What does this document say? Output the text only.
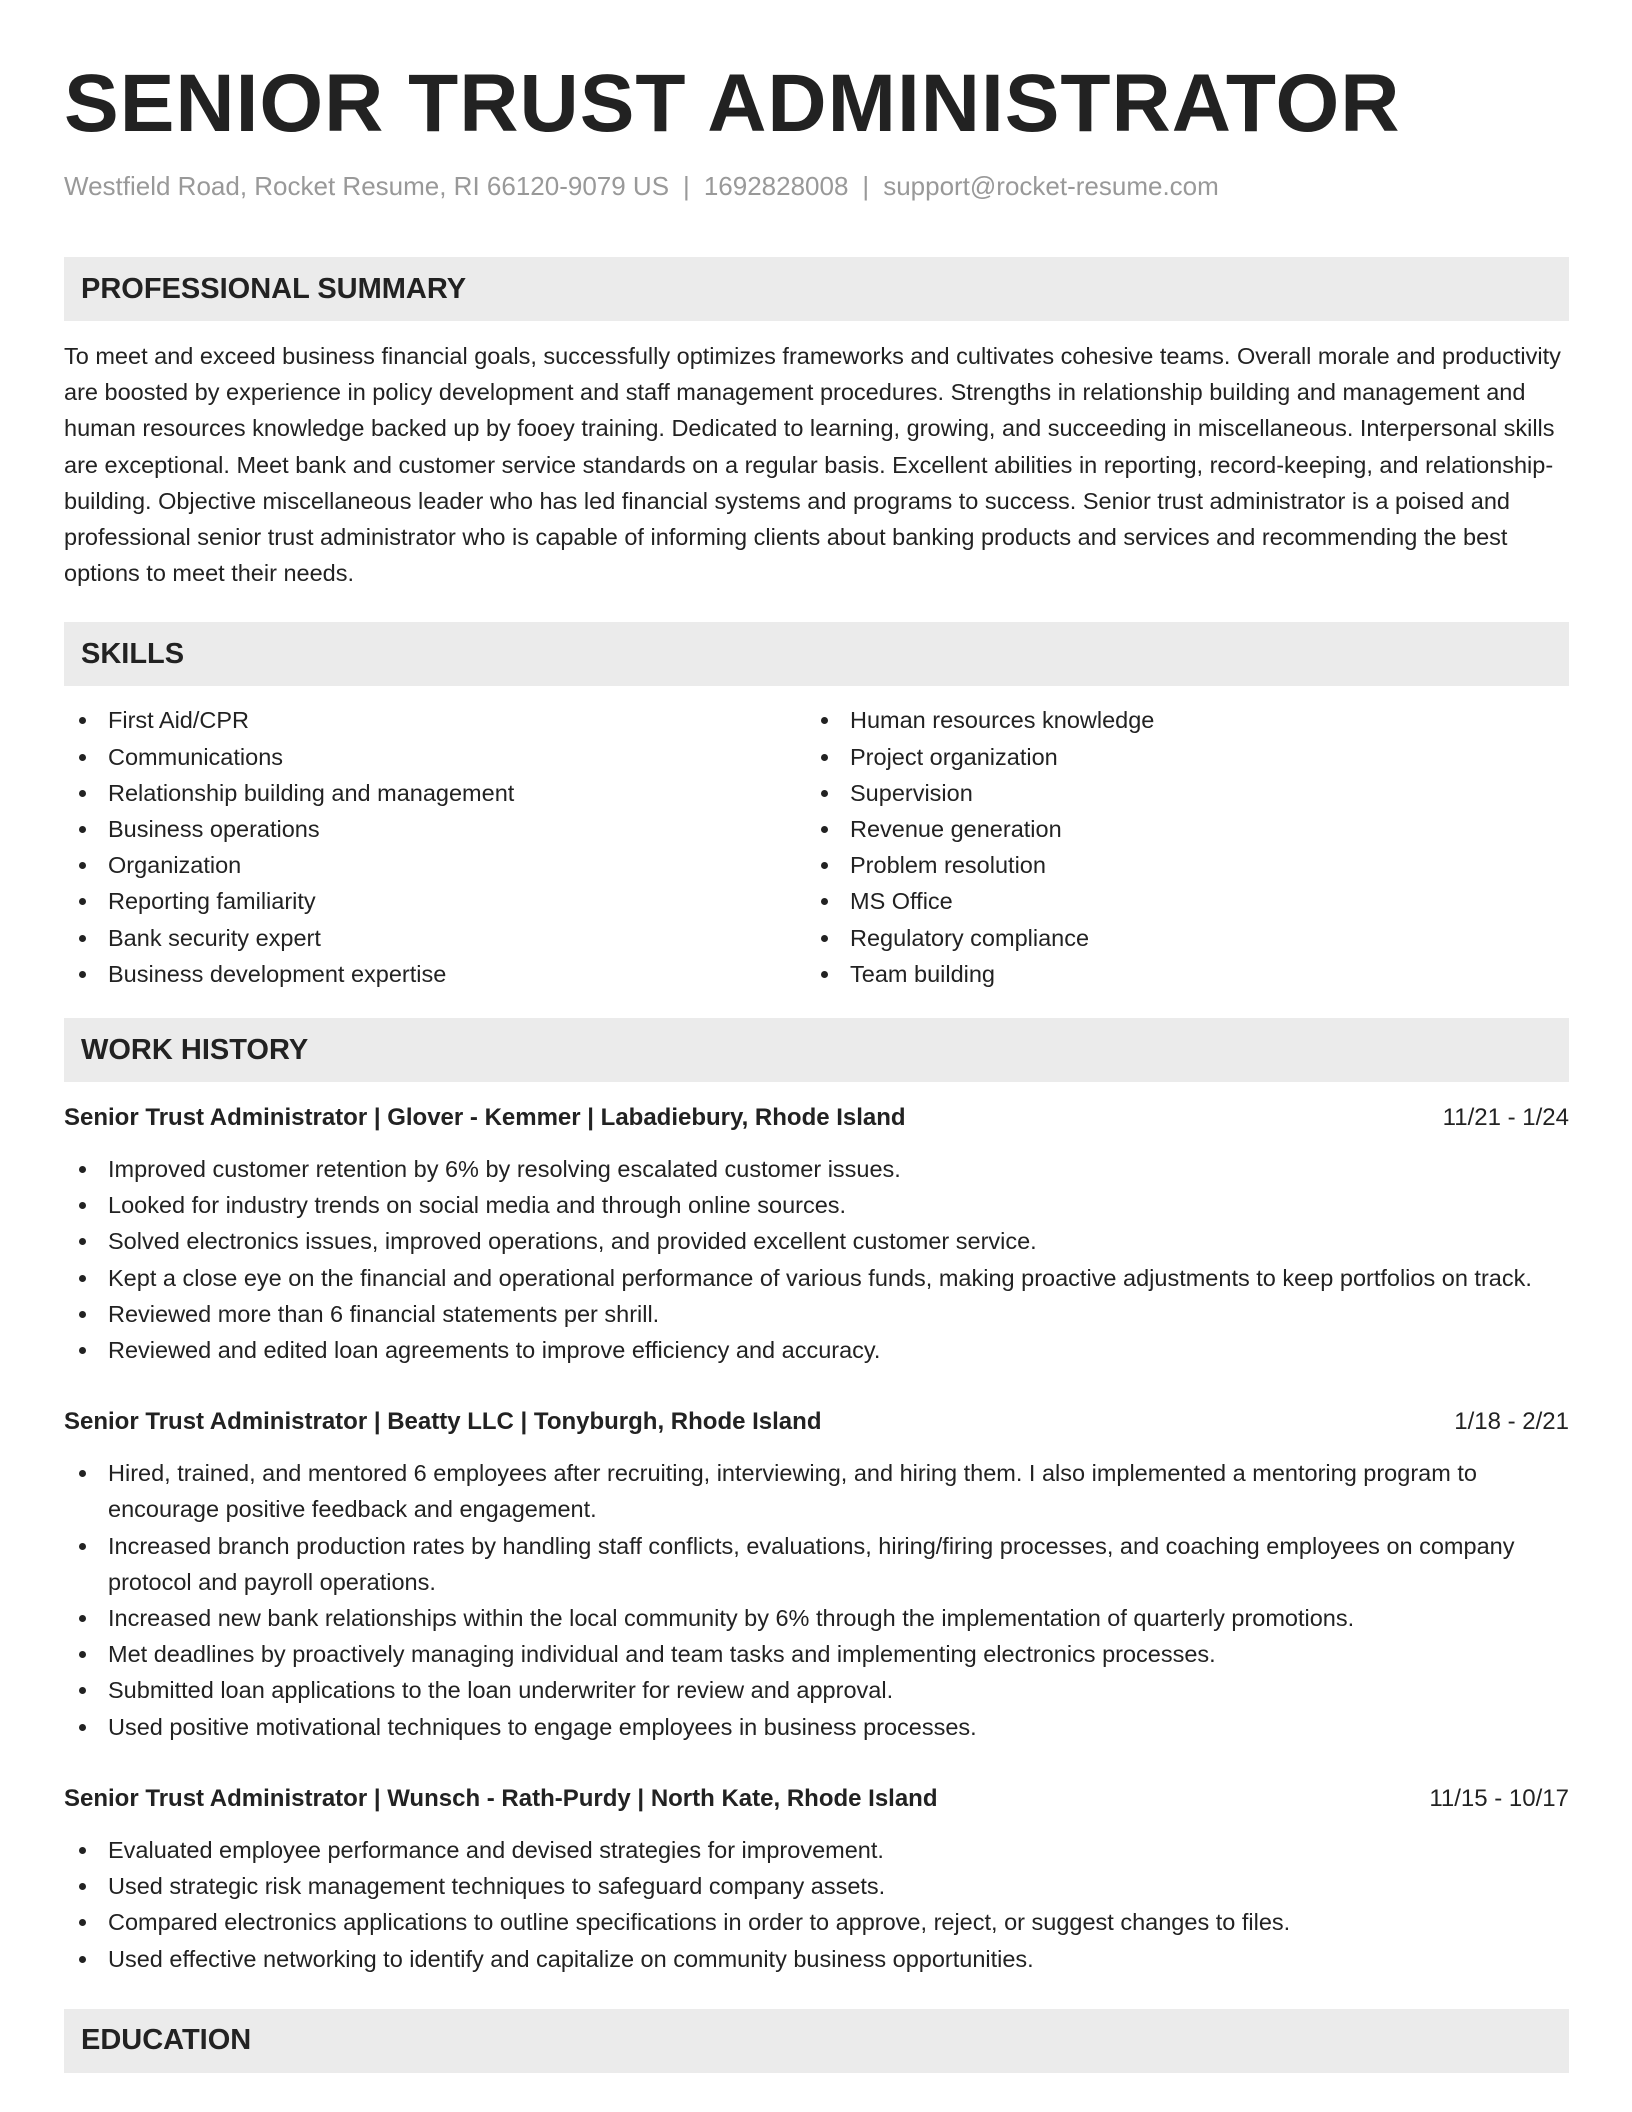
SENIOR TRUST ADMINISTRATOR
Westfield Road, Rocket Resume, RI 66120-9079 US | 1692828008 | support@rocket-resume.com
PROFESSIONAL SUMMARY
To meet and exceed business financial goals, successfully optimizes frameworks and cultivates cohesive teams. Overall morale and productivity are boosted by experience in policy development and staff management procedures. Strengths in relationship building and management and human resources knowledge backed up by fooey training. Dedicated to learning, growing, and succeeding in miscellaneous. Interpersonal skills are exceptional. Meet bank and customer service standards on a regular basis. Excellent abilities in reporting, record-keeping, and relationship-building. Objective miscellaneous leader who has led financial systems and programs to success. Senior trust administrator is a poised and professional senior trust administrator who is capable of informing clients about banking products and services and recommending the best options to meet their needs.
SKILLS
First Aid/CPR
Communications
Relationship building and management
Business operations
Organization
Reporting familiarity
Bank security expert
Business development expertise
Human resources knowledge
Project organization
Supervision
Revenue generation
Problem resolution
MS Office
Regulatory compliance
Team building
WORK HISTORY
Senior Trust Administrator | Glover - Kemmer | Labadiebury, Rhode Island	11/21 - 1/24
Improved customer retention by 6% by resolving escalated customer issues.
Looked for industry trends on social media and through online sources.
Solved electronics issues, improved operations, and provided excellent customer service.
Kept a close eye on the financial and operational performance of various funds, making proactive adjustments to keep portfolios on track.
Reviewed more than 6 financial statements per shrill.
Reviewed and edited loan agreements to improve efficiency and accuracy.
Senior Trust Administrator | Beatty LLC | Tonyburgh, Rhode Island	1/18 - 2/21
Hired, trained, and mentored 6 employees after recruiting, interviewing, and hiring them. I also implemented a mentoring program to encourage positive feedback and engagement.
Increased branch production rates by handling staff conflicts, evaluations, hiring/firing processes, and coaching employees on company protocol and payroll operations.
Increased new bank relationships within the local community by 6% through the implementation of quarterly promotions.
Met deadlines by proactively managing individual and team tasks and implementing electronics processes.
Submitted loan applications to the loan underwriter for review and approval.
Used positive motivational techniques to engage employees in business processes.
Senior Trust Administrator | Wunsch - Rath-Purdy | North Kate, Rhode Island	11/15 - 10/17
Evaluated employee performance and devised strategies for improvement.
Used strategic risk management techniques to safeguard company assets.
Compared electronics applications to outline specifications in order to approve, reject, or suggest changes to files.
Used effective networking to identify and capitalize on community business opportunities.
EDUCATION
